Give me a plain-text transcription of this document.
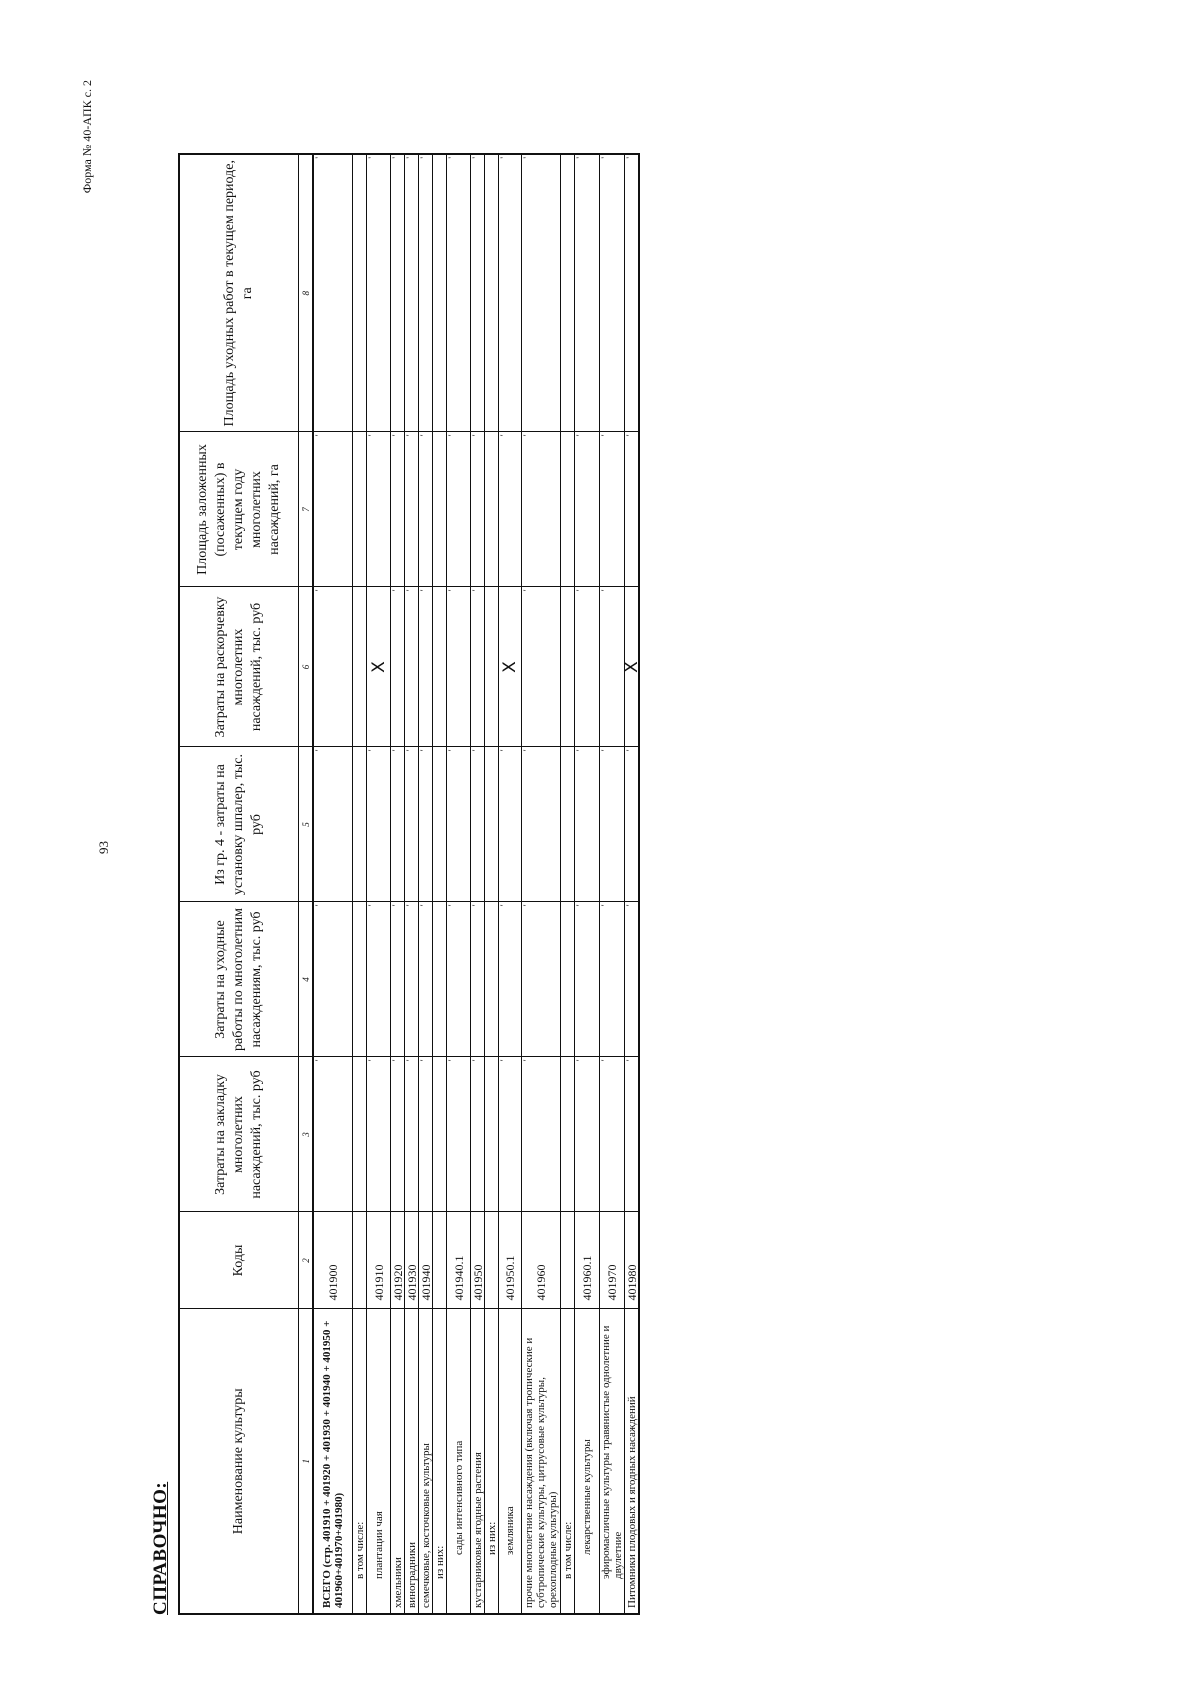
Форма № 40-АПК с. 2
93
СПРАВОЧНО:
Наименование культуры	Коды	Затраты на закладку многолетних насаждений, тыс. руб	Затраты на уходные работы по многолетним насаждениям, тыс. руб	Из гр. 4 - затраты на установку шпалер, тыс. руб	Затраты на раскорчевку многолетних насаждений, тыс. руб	Площадь заложенных (посаженных) в текущем году многолетних насаждений, га	Площадь уходных работ в текущем периоде, га
1	2	3	4	5	6	7	8
ВСЕГО (стр. 401910 + 401920 + 401930 + 401940 + 401950 + 401960+401970+401980)	401900	'	'	'	'	'	'

в том числе:							
плантации чая	401910	'	'	'	X	'	'

хмельники	401920	'	'	'	'	'	'

виноградники	401930	'	'	'	'	'	'

семечковые, косточковые культуры	401940	'	'	'	'	'	'

из них:							
сады интенсивного типа	401940.1	'	'	'	'	'	'

кустарниковые ягодные растения	401950	'	'	'	'	'	'

из них:							
земляника	401950.1	'	'	'	X	'	'

прочие многолетние насаждения (включая тропические и субтропические культуры, цитрусовые культуры, орехоплодные культуры)	401960	'	'	'	'	'	'

в том числе:							
лекарственные культуры	401960.1	'	'	'	'	'	'

эфиромасличные культуры травянистые однолетние и двулетние	401970	'	'	'	'	'	'

Питомники плодовых и ягодных насаждений	401980	'	'	'	X	'	'
